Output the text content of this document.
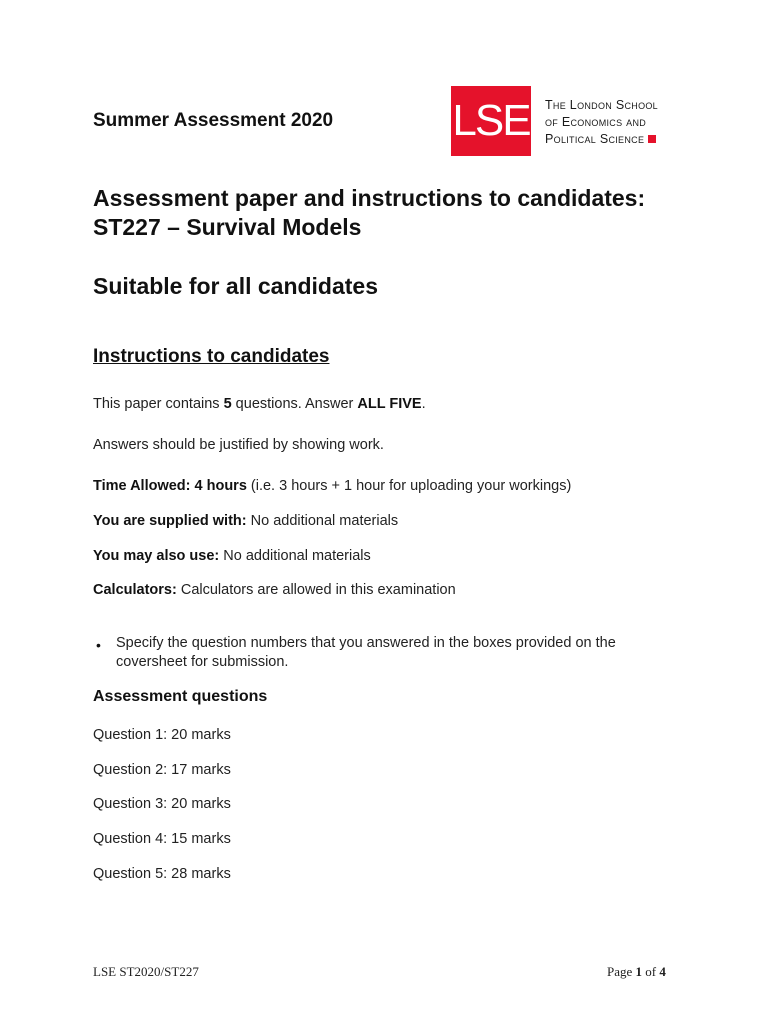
Summer Assessment 2020	LSE The London School
of Economics and
Political Science
Assessment paper and instructions to candidates:
ST227 – Survival Models
Suitable for all candidates
Instructions to candidates
This paper contains 5 questions. Answer ALL FIVE.
Answers should be justified by showing work.
Time Allowed: 4 hours (i.e. 3 hours + 1 hour for uploading your workings)
You are supplied with: No additional materials
You may also use: No additional materials
Calculators: Calculators are allowed in this examination
• Specify the question numbers that you answered in the boxes provided on the coversheet for submission.
Assessment questions
Question 1: 20 marks
Question 2: 17 marks
Question 3: 20 marks
Question 4: 15 marks
Question 5: 28 marks
LSE ST2020/ST227	Page 1 of 4
